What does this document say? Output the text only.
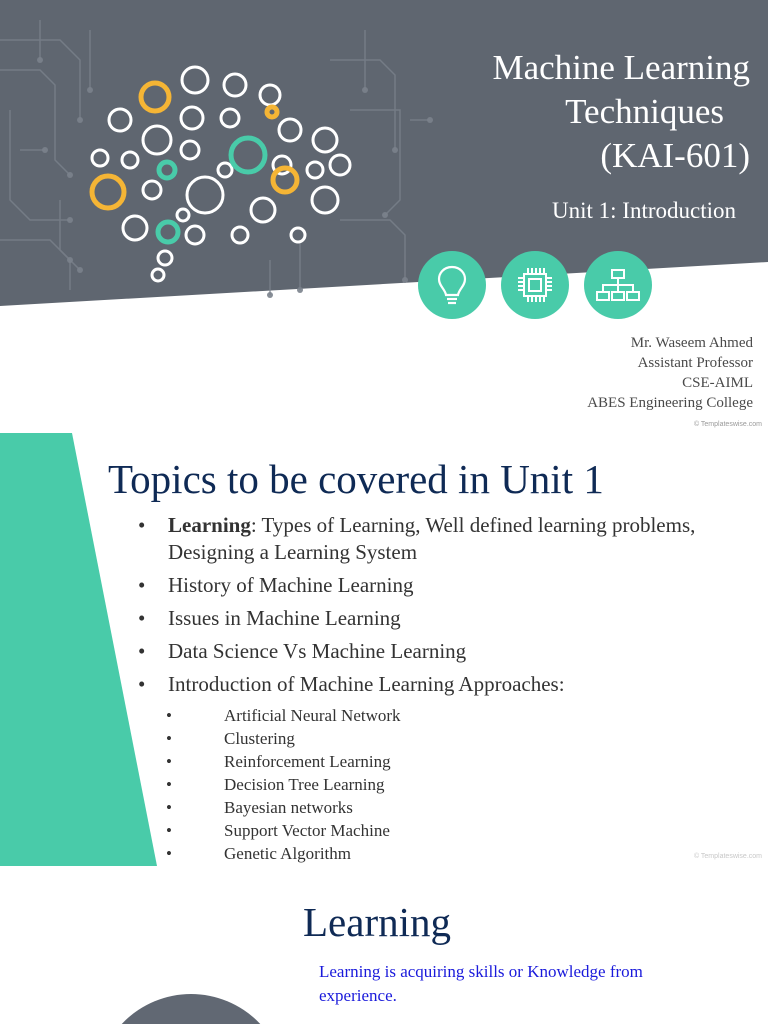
Machine Learning
Techniques
(KAI-601)
Unit 1: Introduction
Mr. Waseem Ahmed
Assistant Professor
CSE-AIML
ABES Engineering College
© Templateswise.com
Topics to be covered in Unit 1
• Learning: Types of Learning, Well defined learning problems, Designing a Learning System
• History of Machine Learning
• Issues in Machine Learning
• Data Science Vs Machine Learning
• Introduction of Machine Learning Approaches:
• Artificial Neural Network
• Clustering
• Reinforcement Learning
• Decision Tree Learning
• Bayesian networks
• Support Vector Machine
• Genetic Algorithm	© Templateswise.com
Learning

Learning is acquiring skills or Knowledge from experience.
